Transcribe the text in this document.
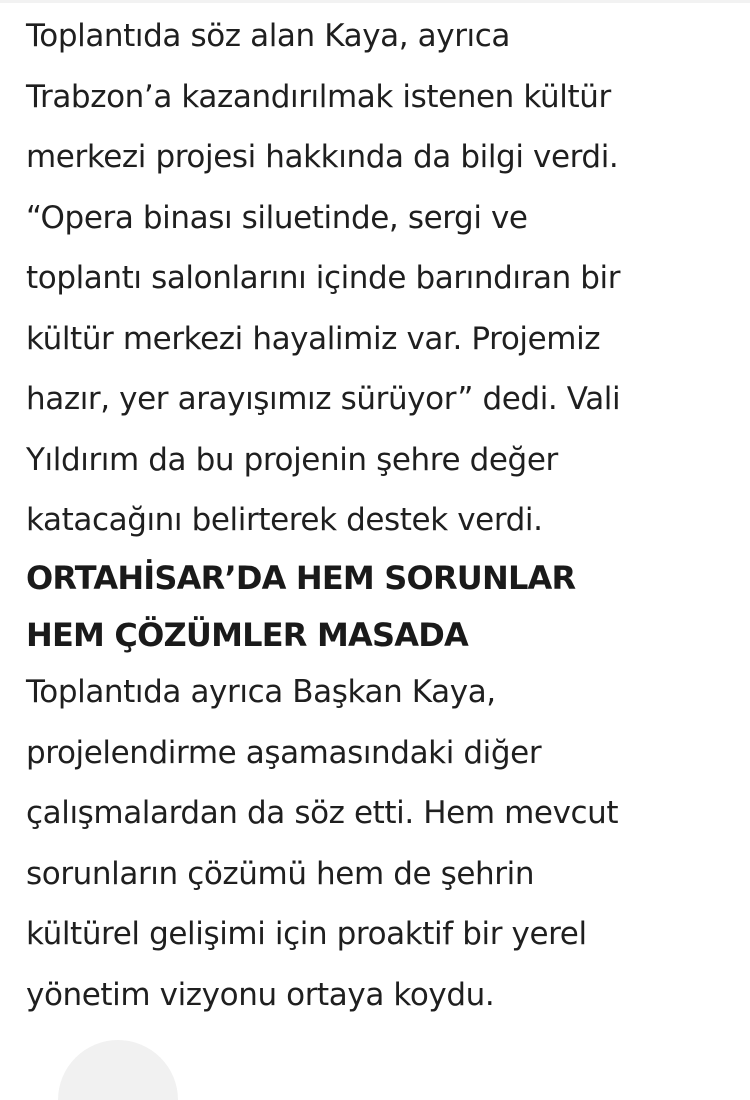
Toplantıda söz alan Kaya, ayrıca
Trabzon’a kazandırılmak istenen kültür
merkezi projesi hakkında da bilgi verdi.
“Opera binası siluetinde, sergi ve
toplantı salonlarını içinde barındıran bir
kültür merkezi hayalimiz var. Projemiz
hazır, yer arayışımız sürüyor” dedi. Vali
Yıldırım da bu projenin şehre değer
katacağını belirterek destek verdi.

ORTAHİSAR’DA HEM SORUNLAR
HEM ÇÖZÜMLER MASADA

Toplantıda ayrıca Başkan Kaya,
projelendirme aşamasındaki diğer
çalışmalardan da söz etti. Hem mevcut
sorunların çözümü hem de şehrin
kültürel gelişimi için proaktif bir yerel
yönetim vizyonu ortaya koydu.
